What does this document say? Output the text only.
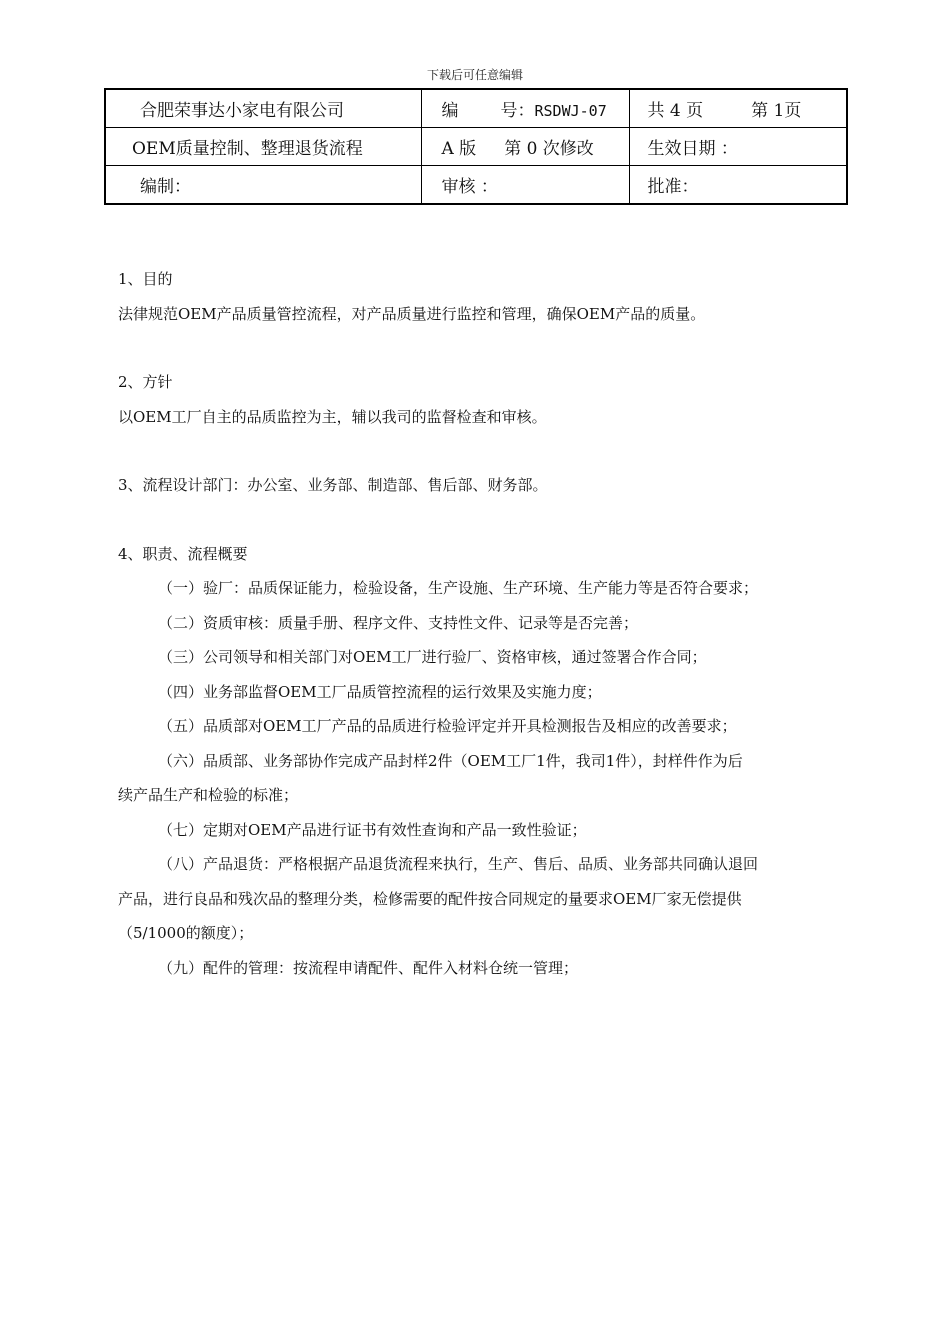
下载后可任意编辑
合肥荣事达小家电有限公司	编 号：RSDWJ-07	共 4 页 第 1页
OEM质量控制、整理退货流程	A 版 第 0 次修改	生效日期 ：
编制：	审核 ：	批准：

1、目的

法律规范OEM产品质量管控流程，对产品质量进行监控和管理，确保OEM产品的质量。

2、方针

以OEM工厂自主的品质监控为主，辅以我司的监督检查和审核。

3、流程设计部门：办公室、业务部、制造部、售后部、财务部。

4、职责、流程概要

（一）验厂：品质保证能力，检验设备，生产设施、生产环境、生产能力等是否符合要求；

（二）资质审核：质量手册、程序文件、支持性文件、记录等是否完善；

（三）公司领导和相关部门对OEM工厂进行验厂、资格审核，通过签署合作合同；

（四）业务部监督OEM工厂品质管控流程的运行效果及实施力度；

（五）品质部对OEM工厂产品的品质进行检验评定并开具检测报告及相应的改善要求；

（六）品质部、业务部协作完成产品封样2件（OEM工厂1件，我司1件），封样件作为后

续产品生产和检验的标准；

（七）定期对OEM产品进行证书有效性查询和产品一致性验证；

（八）产品退货：严格根据产品退货流程来执行，生产、售后、品质、业务部共同确认退回

产品，进行良品和残次品的整理分类，检修需要的配件按合同规定的量要求OEM厂家无偿提供

（5/1000的额度）；

（九）配件的管理：按流程申请配件、配件入材料仓统一管理；
